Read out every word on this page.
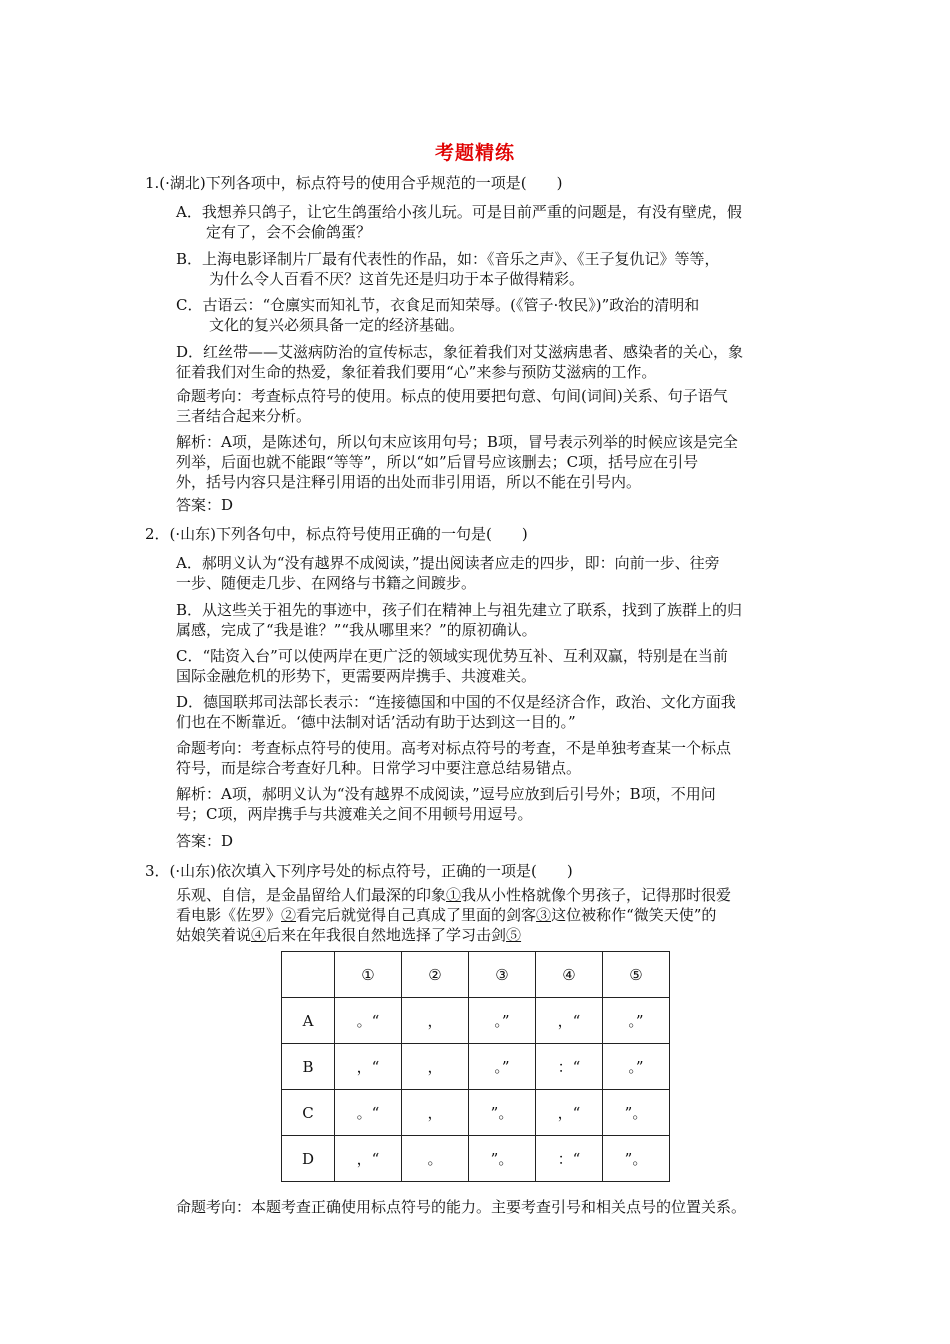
考题精练
1.(·湖北)下列各项中，标点符号的使用合乎规范的一项是(　　)
A．我想养只鸽子，让它生鸽蛋给小孩儿玩。可是目前严重的问题是，有没有壁虎，假
定有了，会不会偷鸽蛋？
B．上海电影译制片厂最有代表性的作品，如：《音乐之声》、《王子复仇记》等等，
为什么令人百看不厌？这首先还是归功于本子做得精彩。
C．古语云：“仓廪实而知礼节，衣食足而知荣辱。(《管子·牧民》)”政治的清明和
文化的复兴必须具备一定的经济基础。
D．红丝带——艾滋病防治的宣传标志，象征着我们对艾滋病患者、感染者的关心，象
征着我们对生命的热爱，象征着我们要用“心”来参与预防艾滋病的工作。
命题考向：考查标点符号的使用。标点的使用要把句意、句间(词间)关系、句子语气
三者结合起来分析。
解析：A项，是陈述句，所以句末应该用句号；B项，冒号表示列举的时候应该是完全
列举，后面也就不能跟“等等”，所以“如”后冒号应该删去；C项，括号应在引号
外，括号内容只是注释引用语的出处而非引用语，所以不能在引号内。
答案：D
2．(·山东)下列各句中，标点符号使用正确的一句是(　　)
A．郝明义认为“没有越界不成阅读，”提出阅读者应走的四步，即：向前一步、往旁
一步、随便走几步、在网络与书籍之间踱步。
B．从这些关于祖先的事迹中，孩子们在精神上与祖先建立了联系，找到了族群上的归
属感，完成了“我是谁？”“我从哪里来？”的原初确认。
C．“陆资入台”可以使两岸在更广泛的领域实现优势互补、互利双赢，特别是在当前
国际金融危机的形势下，更需要两岸携手、共渡难关。
D．德国联邦司法部长表示：“连接德国和中国的不仅是经济合作，政治、文化方面我
们也在不断靠近。‘德中法制对话’活动有助于达到这一目的。”
命题考向：考查标点符号的使用。高考对标点符号的考查，不是单独考查某一个标点
符号，而是综合考查好几种。日常学习中要注意总结易错点。
解析：A项，郝明义认为“没有越界不成阅读，”逗号应放到后引号外；B项，不用问
号；C项，两岸携手与共渡难关之间不用顿号用逗号。
答案：D
3．(·山东)依次填入下列序号处的标点符号，正确的一项是(　　)
乐观、自信，是金晶留给人们最深的印象①我从小性格就像个男孩子，记得那时很爱
看电影《佐罗》②看完后就觉得自己真成了里面的剑客③这位被称作“微笑天使”的
姑娘笑着说④后来在年我很自然地选择了学习击剑⑤
	①	②	③	④	⑤
A	。“	，	。”	，“	。”
B	，“	，	。”	：“	。”
C	。“	，	”。	，“	”。
D	，“	。	”。	：“	”。
命题考向：本题考查正确使用标点符号的能力。主要考查引号和相关点号的位置关系。
